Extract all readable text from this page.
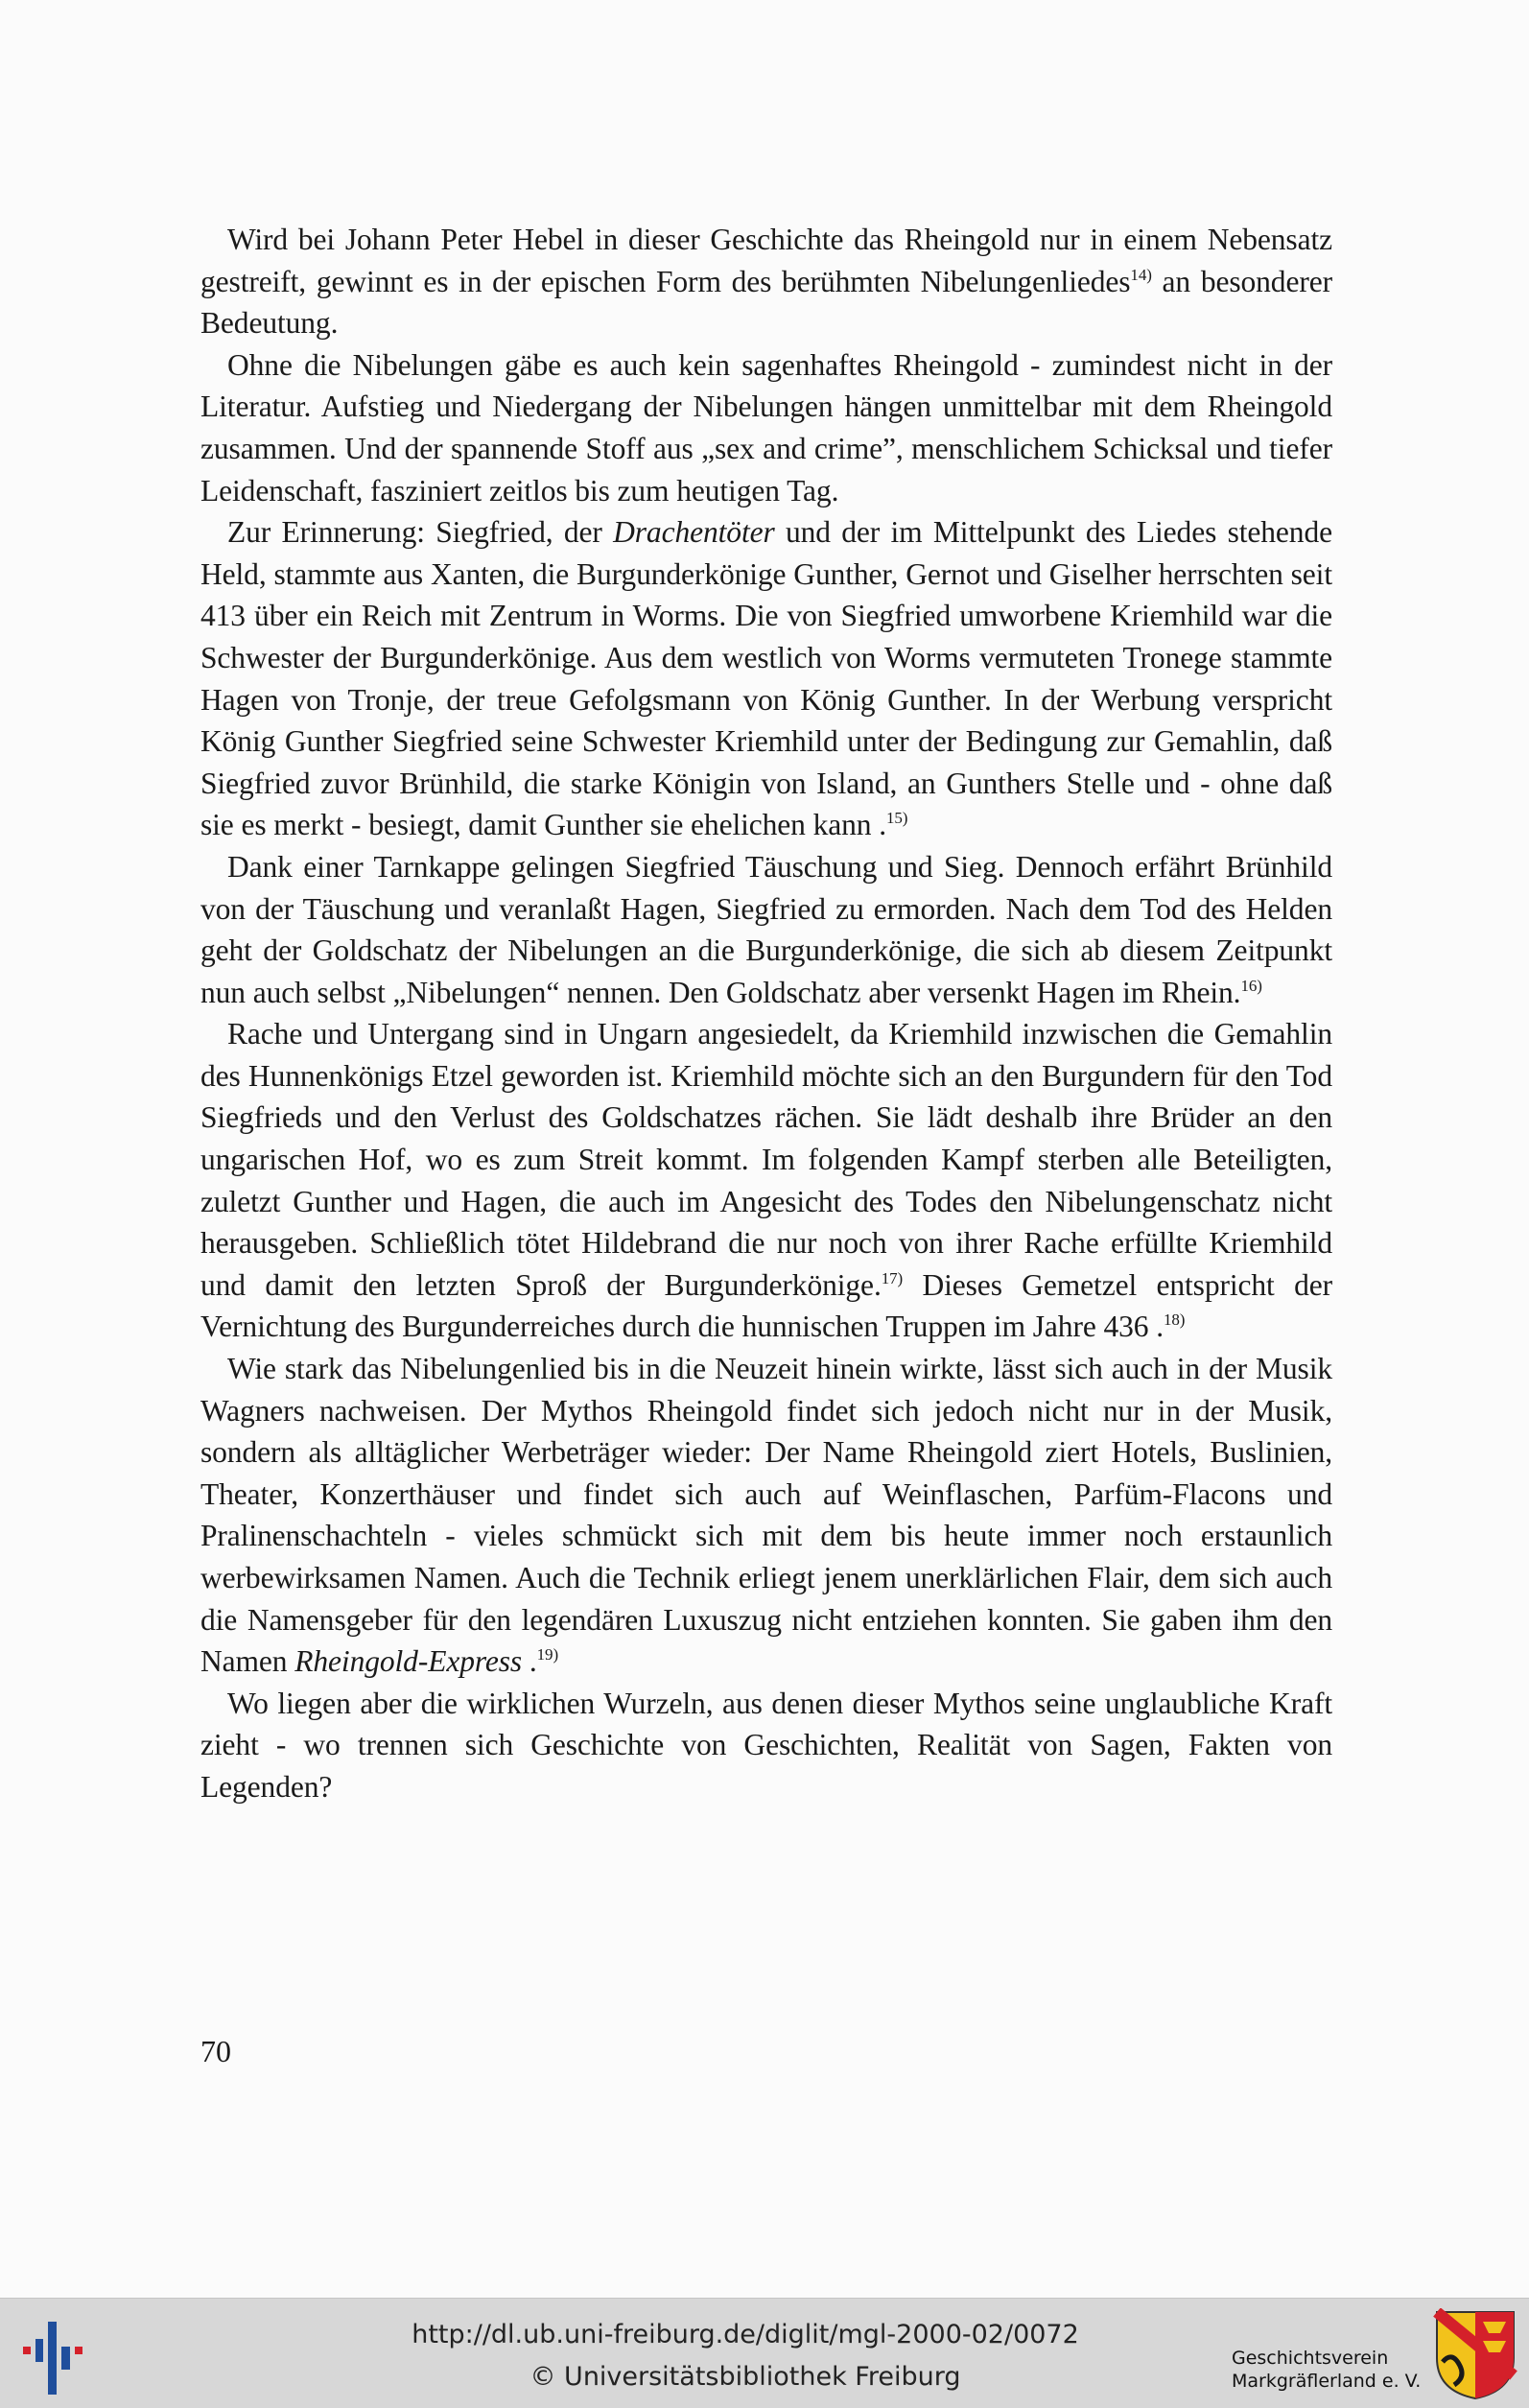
Wird bei Johann Peter Hebel in dieser Geschichte das Rheingold nur in einem Nebensatz gestreift, gewinnt es in der epischen Form des berühmten Nibelungenliedes$^{14)}$ an besonderer Bedeutung.

Ohne die Nibelungen gäbe es auch kein sagenhaftes Rheingold - zumindest nicht in der Literatur. Aufstieg und Niedergang der Nibelungen hängen unmittelbar mit dem Rheingold zusammen. Und der spannende Stoff aus „sex and crime”, menschlichem Schicksal und tiefer Leidenschaft, fasziniert zeitlos bis zum heutigen Tag.

Zur Erinnerung: Siegfried, der Drachentöter und der im Mittelpunkt des Liedes stehende Held, stammte aus Xanten, die Burgunderkönige Gunther, Gernot und Giselher herrschten seit 413 über ein Reich mit Zentrum in Worms. Die von Siegfried umworbene Kriemhild war die Schwester der Burgunderkönige. Aus dem westlich von Worms vermuteten Tronege stammte Hagen von Tronje, der treue Gefolgsmann von König Gunther. In der Werbung verspricht König Gunther Siegfried seine Schwester Kriemhild unter der Bedingung zur Gemahlin, daß Siegfried zuvor Brünhild, die starke Königin von Island, an Gunthers Stelle und - ohne daß sie es merkt - besiegt, damit Gunther sie ehelichen kann .$^{15)}$

Dank einer Tarnkappe gelingen Siegfried Täuschung und Sieg. Dennoch erfährt Brünhild von der Täuschung und veranlaßt Hagen, Siegfried zu ermorden. Nach dem Tod des Helden geht der Goldschatz der Nibelungen an die Burgunderkönige, die sich ab diesem Zeitpunkt nun auch selbst „Nibelungen“ nennen. Den Goldschatz aber versenkt Hagen im Rhein.$^{16)}$

Rache und Untergang sind in Ungarn angesiedelt, da Kriemhild inzwischen die Gemahlin des Hunnenkönigs Etzel geworden ist. Kriemhild möchte sich an den Burgundern für den Tod Siegfrieds und den Verlust des Goldschatzes rächen. Sie lädt deshalb ihre Brüder an den ungarischen Hof, wo es zum Streit kommt. Im folgenden Kampf sterben alle Beteiligten, zuletzt Gunther und Hagen, die auch im Angesicht des Todes den Nibelungenschatz nicht herausgeben. Schließlich tötet Hildebrand die nur noch von ihrer Rache erfüllte Kriemhild und damit den letzten Sproß der Burgunderkönige.$^{17)}$ Dieses Gemetzel entspricht der Vernichtung des Burgunderreiches durch die hunnischen Truppen im Jahre 436 .$^{18)}$

Wie stark das Nibelungenlied bis in die Neuzeit hinein wirkte, lässt sich auch in der Musik Wagners nachweisen. Der Mythos Rheingold findet sich jedoch nicht nur in der Musik, sondern als alltäglicher Werbeträger wieder: Der Name Rheingold ziert Hotels, Buslinien, Theater, Konzerthäuser und findet sich auch auf Weinflaschen, Parfüm-Flacons und Pralinenschachteln - vieles schmückt sich mit dem bis heute immer noch erstaunlich werbewirksamen Namen. Auch die Technik erliegt jenem unerklärlichen Flair, dem sich auch die Namensgeber für den legendären Luxuszug nicht entziehen konnten. Sie gaben ihm den Namen Rheingold-Express .$^{19)}$

Wo liegen aber die wirklichen Wurzeln, aus denen dieser Mythos seine unglaubliche Kraft zieht - wo trennen sich Geschichte von Geschichten, Realität von Sagen, Fakten von Legenden?

70
http://dl.ub.uni-freiburg.de/diglit/mgl-2000-02/0072
© Universitätsbibliothek Freiburg
Geschichtsverein
Markgräflerland e. V.
